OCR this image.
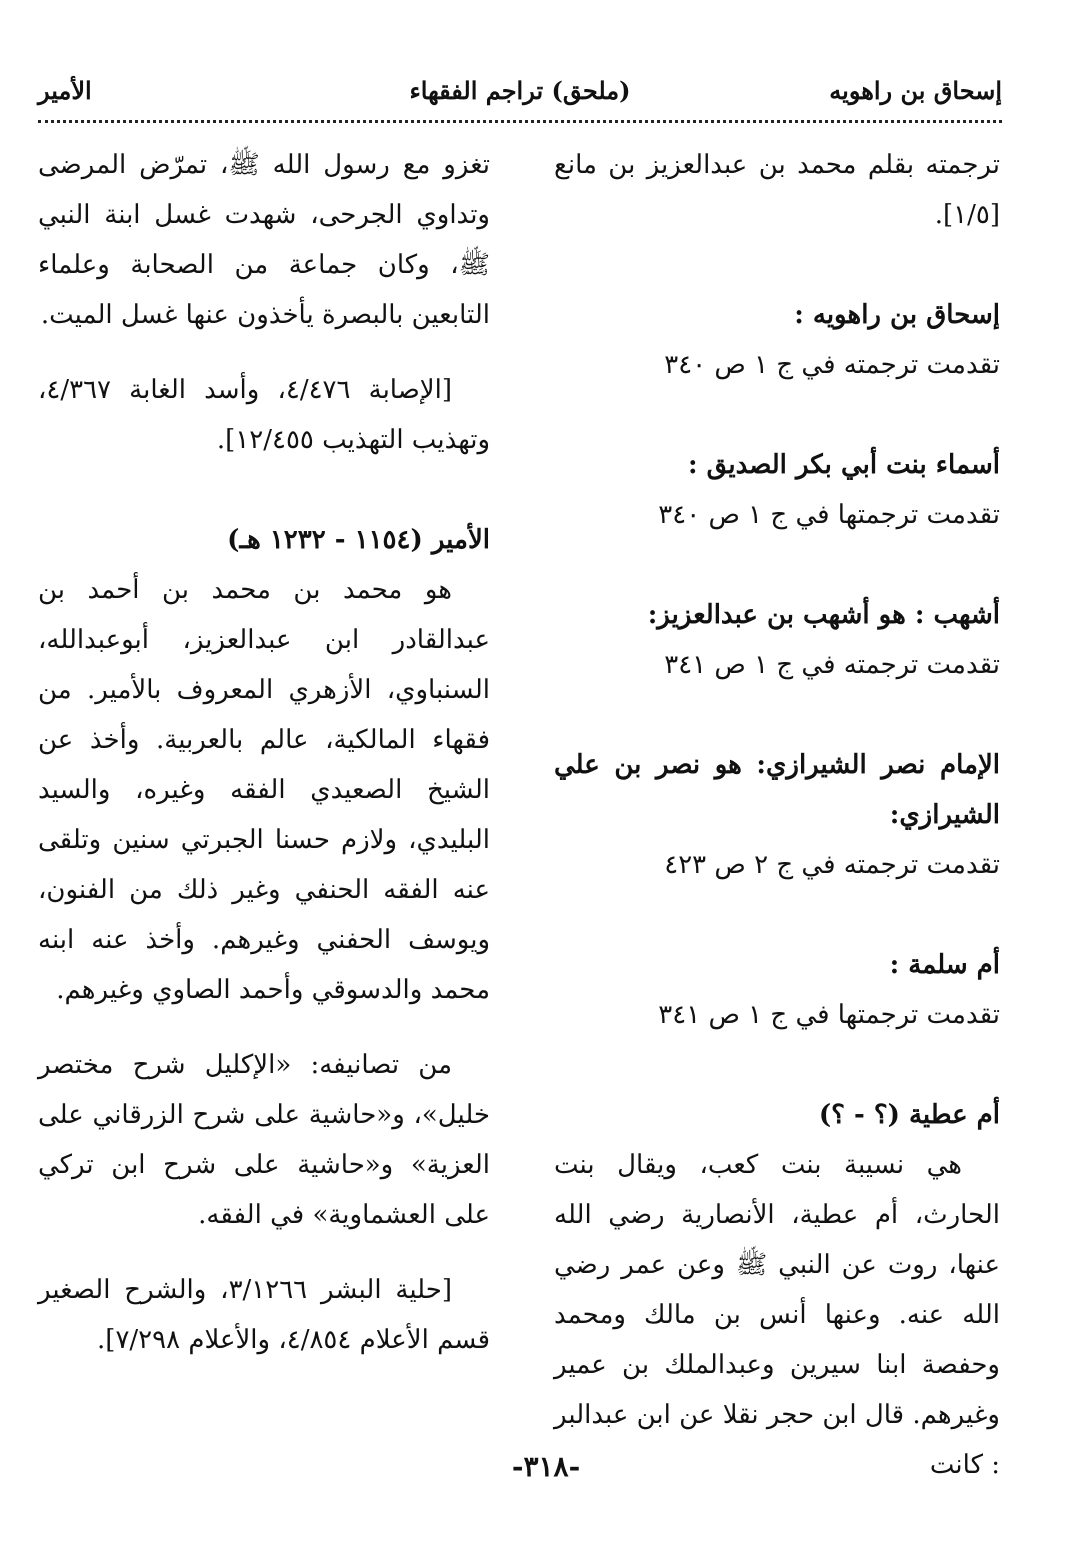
إسحاق بن راهويه
(ملحق) تراجم الفقهاء
الأمير

ترجمته بقلم محمد بن عبدالعزيز بن مانع [١/٥].

إسحاق بن راهويه :

تقدمت ترجمته في ج ١ ص ٣٤٠

أسماء بنت أبي بكر الصديق :

تقدمت ترجمتها في ج ١ ص ٣٤٠

أشهب : هو أشهب بن عبدالعزيز:

تقدمت ترجمته في ج ١ ص ٣٤١

الإمام نصر الشيرازي: هو نصر بن علي الشيرازي:

تقدمت ترجمته في ج ٢ ص ٤٢٣

أم سلمة :

تقدمت ترجمتها في ج ١ ص ٣٤١

أم عطية (؟ - ؟)

هي نسيبة بنت كعب، ويقال بنت الحارث، أم عطية، الأنصارية رضي الله عنها، روت عن النبي ﷺ وعن عمر رضي الله عنه. وعنها أنس بن مالك ومحمد وحفصة ابنا سيرين وعبدالملك بن عمير وغيرهم. قال ابن حجر نقلا عن ابن عبدالبر : كانت

تغزو مع رسول الله ﷺ، تمرّض المرضى وتداوي الجرحى، شهدت غسل ابنة النبي ﷺ، وكان جماعة من الصحابة وعلماء التابعين بالبصرة يأخذون عنها غسل الميت.

[الإصابة ٤/٤٧٦، وأسد الغابة ٤/٣٦٧، وتهذيب التهذيب ١٢/٤٥٥].

الأمير (١١٥٤ - ١٢٣٢ هـ)

هو محمد بن محمد بن أحمد بن عبدالقادر ابن عبدالعزيز، أبوعبدالله، السنباوي، الأزهري المعروف بالأمير. من فقهاء المالكية، عالم بالعربية. وأخذ عن الشيخ الصعيدي الفقه وغيره، والسيد البليدي، ولازم حسنا الجبرتي سنين وتلقى عنه الفقه الحنفي وغير ذلك من الفنون، ويوسف الحفني وغيرهم. وأخذ عنه ابنه محمد والدسوقي وأحمد الصاوي وغيرهم.

من تصانيفه: «الإكليل شرح مختصر خليل»، و«حاشية على شرح الزرقاني على العزية» و«حاشية على شرح ابن تركي على العشماوية» في الفقه.

[حلية البشر ٣/١٢٦٦، والشرح الصغير قسم الأعلام ٤/٨٥٤، والأعلام ٧/٢٩٨].

-٣١٨-
